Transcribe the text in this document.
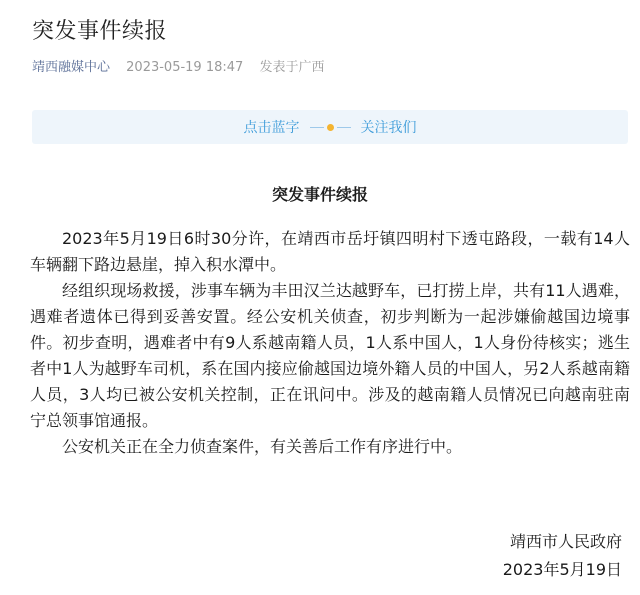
突发事件续报
靖西融媒中心 2023-05-19 18:47 发表于广西
点击蓝字	关注我们
突发事件续报

2023年5月19日6时30分许，在靖西市岳圩镇四明村下透屯路段，一载有14人车辆翻下路边悬崖，掉入积水潭中。

经组织现场救援，涉事车辆为丰田汉兰达越野车，已打捞上岸，共有11人遇难，遇难者遗体已得到妥善安置。经公安机关侦查，初步判断为一起涉嫌偷越国边境事件。初步查明，遇难者中有9人系越南籍人员，1人系中国人，1人身份待核实；逃生者中1人为越野车司机，系在国内接应偷越国边境外籍人员的中国人，另2人系越南籍人员，3人均已被公安机关控制，正在讯问中。涉及的越南籍人员情况已向越南驻南宁总领事馆通报。

公安机关正在全力侦查案件，有关善后工作有序进行中。

靖西市人民政府
2023年5月19日
